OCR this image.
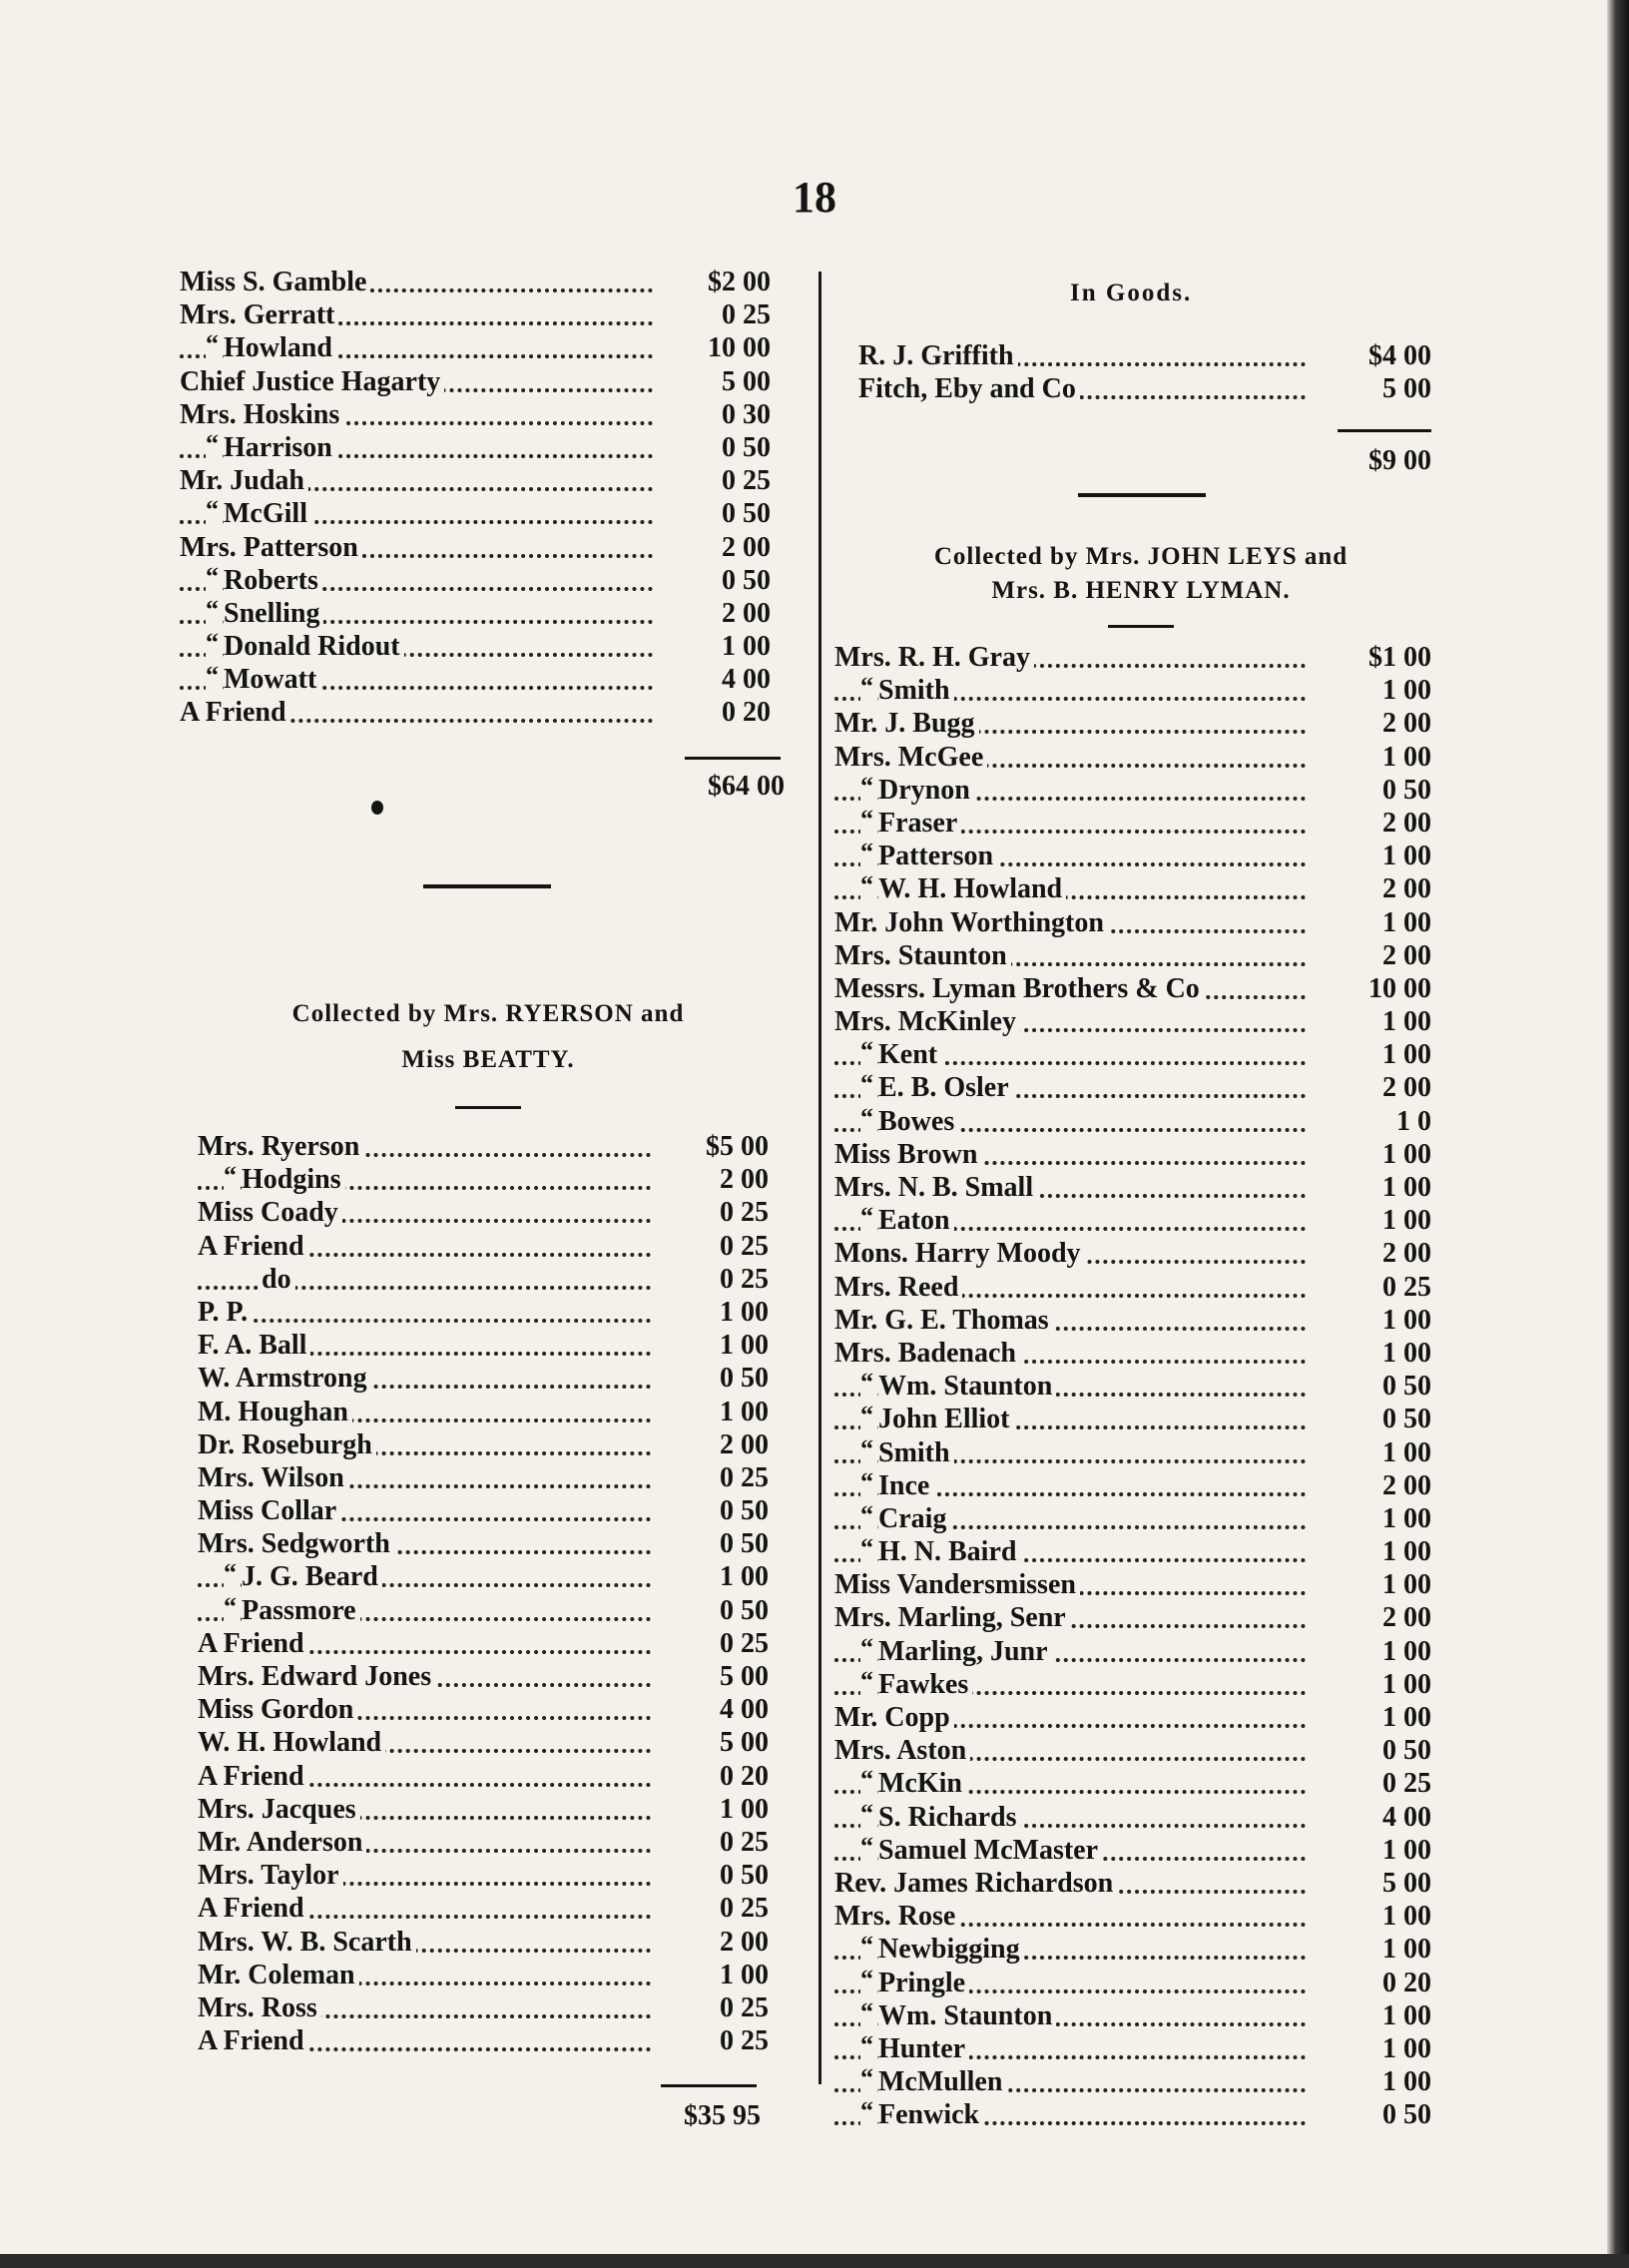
18
Miss S. Gamble	$2 00
Mrs. Gerratt	0 25
“ Howland	10 00
Chief Justice Hagarty	5 00
Mrs. Hoskins	0 30
“ Harrison	0 50
Mr. Judah	0 25
“ McGill	0 50
Mrs. Patterson	2 00
“ Roberts	0 50
“ Snelling	2 00
“ Donald Ridout	1 00
“ Mowatt	4 00
A Friend	0 20
$64 00
Collected by Mrs. RYERSON and
Miss BEATTY.
Mrs. Ryerson	$5 00
“ Hodgins	2 00
Miss Coady	0 25
A Friend	0 25
do	0 25
P. P.	1 00
F. A. Ball	1 00
W. Armstrong	0 50
M. Houghan	1 00
Dr. Roseburgh	2 00
Mrs. Wilson	0 25
Miss Collar	0 50
Mrs. Sedgworth	0 50
“ J. G. Beard	1 00
“ Passmore	0 50
A Friend	0 25
Mrs. Edward Jones	5 00
Miss Gordon	4 00
W. H. Howland	5 00
A Friend	0 20
Mrs. Jacques	1 00
Mr. Anderson	0 25
Mrs. Taylor	0 50
A Friend	0 25
Mrs. W. B. Scarth	2 00
Mr. Coleman	1 00
Mrs. Ross	0 25
A Friend	0 25
$35 95
In Goods.
R. J. Griffith	$4 00
Fitch, Eby and Co	5 00
$9 00
Collected by Mrs. JOHN LEYS and
Mrs. B. HENRY LYMAN.
Mrs. R. H. Gray	$1 00
“ Smith	1 00
Mr. J. Bugg	2 00
Mrs. McGee	1 00
“ Drynon	0 50
“ Fraser	2 00
“ Patterson	1 00
“ W. H. Howland	2 00
Mr. John Worthington	1 00
Mrs. Staunton	2 00
Messrs. Lyman Brothers & Co	10 00
Mrs. McKinley	1 00
“ Kent	1 00
“ E. B. Osler	2 00
“ Bowes	1 0
Miss Brown	1 00
Mrs. N. B. Small	1 00
“ Eaton	1 00
Mons. Harry Moody	2 00
Mrs. Reed	0 25
Mr. G. E. Thomas	1 00
Mrs. Badenach	1 00
“ Wm. Staunton	0 50
“ John Elliot	0 50
“ Smith	1 00
“ Ince	2 00
“ Craig	1 00
“ H. N. Baird	1 00
Miss Vandersmissen	1 00
Mrs. Marling, Senr	2 00
“ Marling, Junr	1 00
“ Fawkes	1 00
Mr. Copp	1 00
Mrs. Aston	0 50
“ McKin	0 25
“ S. Richards	4 00
“ Samuel McMaster	1 00
Rev. James Richardson	5 00
Mrs. Rose	1 00
“ Newbigging	1 00
“ Pringle	0 20
“ Wm. Staunton	1 00
“ Hunter	1 00
“ McMullen	1 00
“ Fenwick	0 50
